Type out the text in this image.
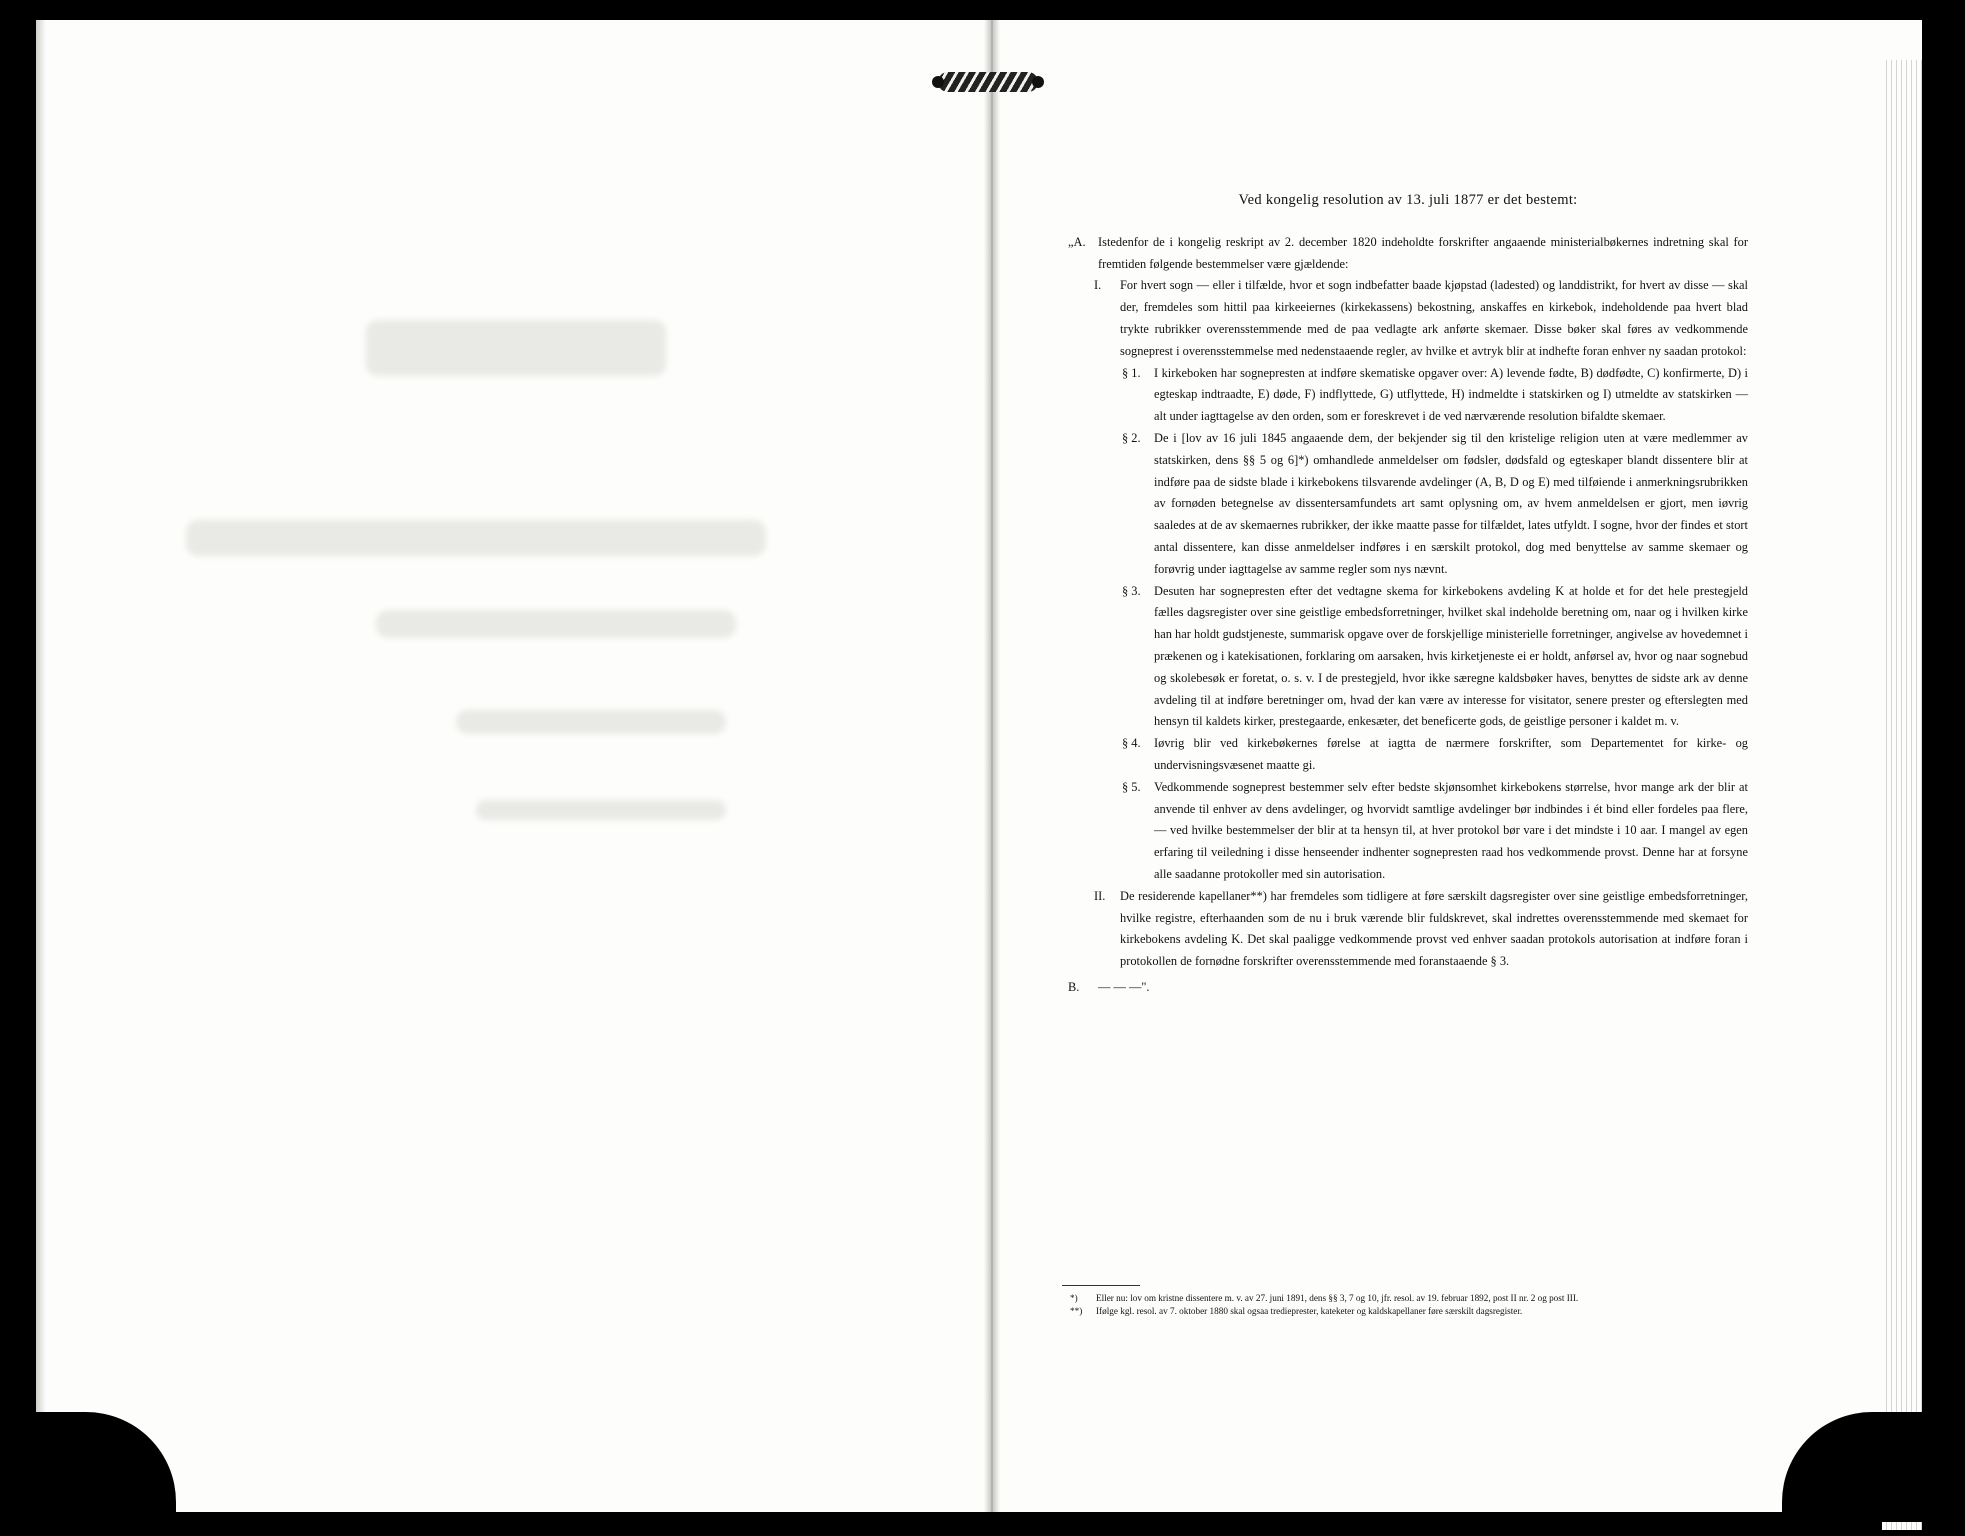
Ved kongelig resolution av 13. juli 1877 er det bestemt:

„A. Istedenfor de i kongelig reskript av 2. december 1820 indeholdte forskrifter angaaende ministerialbøkernes indretning skal for fremtiden følgende bestemmelser være gjældende:

I. For hvert sogn — eller i tilfælde, hvor et sogn indbefatter baade kjøpstad (ladested) og landdistrikt, for hvert av disse — skal der, fremdeles som hittil paa kirkeeiernes (kirkekassens) bekostning, anskaffes en kirkebok, indeholdende paa hvert blad trykte rubrikker overensstemmende med de paa vedlagte ark anførte skemaer. Disse bøker skal føres av vedkommende sogneprest i overensstemmelse med nedenstaaende regler, av hvilke et avtryk blir at indhefte foran enhver ny saadan protokol:

§ 1. I kirkeboken har sognepresten at indføre skematiske opgaver over: A) levende fødte, B) dødfødte, C) konfirmerte, D) i egteskap indtraadte, E) døde, F) indflyttede, G) utflyttede, H) indmeldte i statskirken og I) utmeldte av statskirken — alt under iagttagelse av den orden, som er foreskrevet i de ved nærværende resolution bifaldte skemaer.

§ 2. De i [lov av 16 juli 1845 angaaende dem, der bekjender sig til den kristelige religion uten at være medlemmer av statskirken, dens §§ 5 og 6]*) omhandlede anmeldelser om fødsler, dødsfald og egteskaper blandt dissentere blir at indføre paa de sidste blade i kirkebokens tilsvarende avdelinger (A, B, D og E) med tilføiende i anmerkningsrubrikken av fornøden betegnelse av dissentersamfundets art samt oplysning om, av hvem anmeldelsen er gjort, men iøvrig saaledes at de av skemaernes rubrikker, der ikke maatte passe for tilfældet, lates utfyldt. I sogne, hvor der findes et stort antal dissentere, kan disse anmeldelser indføres i en særskilt protokol, dog med benyttelse av samme skemaer og forøvrig under iagttagelse av samme regler som nys nævnt.

§ 3. Desuten har sognepresten efter det vedtagne skema for kirkebokens avdeling K at holde et for det hele prestegjeld fælles dagsregister over sine geistlige embedsforretninger, hvilket skal indeholde beretning om, naar og i hvilken kirke han har holdt gudstjeneste, summarisk opgave over de forskjellige ministerielle forretninger, angivelse av hovedemnet i prækenen og i katekisationen, forklaring om aarsaken, hvis kirketjeneste ei er holdt, anførsel av, hvor og naar sognebud og skolebesøk er foretat, o. s. v. I de prestegjeld, hvor ikke særegne kaldsbøker haves, benyttes de sidste ark av denne avdeling til at indføre beretninger om, hvad der kan være av interesse for visitator, senere prester og efterslegten med hensyn til kaldets kirker, prestegaarde, enkesæter, det beneficerte gods, de geistlige personer i kaldet m. v.

§ 4. Iøvrig blir ved kirkebøkernes førelse at iagtta de nærmere forskrifter, som Departementet for kirke- og undervisningsvæsenet maatte gi.

§ 5. Vedkommende sogneprest bestemmer selv efter bedste skjønsomhet kirkebokens størrelse, hvor mange ark der blir at anvende til enhver av dens avdelinger, og hvorvidt samtlige avdelinger bør indbindes i ét bind eller fordeles paa flere, — ved hvilke bestemmelser der blir at ta hensyn til, at hver protokol bør vare i det mindste i 10 aar. I mangel av egen erfaring til veiledning i disse henseender indhenter sognepresten raad hos vedkommende provst. Denne har at forsyne alle saadanne protokoller med sin autorisation.

II. De residerende kapellaner**) har fremdeles som tidligere at føre særskilt dagsregister over sine geistlige embedsforretninger, hvilke registre, efterhaanden som de nu i bruk værende blir fuldskrevet, skal indrettes overensstemmende med skemaet for kirkebokens avdeling K. Det skal paaligge vedkommende provst ved enhver saadan protokols autorisation at indføre foran i protokollen de fornødne forskrifter overensstemmende med foranstaaende § 3.

B. — — —".

*) Eller nu: lov om kristne dissentere m. v. av 27. juni 1891, dens §§ 3, 7 og 10, jfr. resol. av 19. februar 1892, post II nr. 2 og post III.

**) Ifølge kgl. resol. av 7. oktober 1880 skal ogsaa tredieprester, kateketer og kaldskapellaner føre særskilt dagsregister.
